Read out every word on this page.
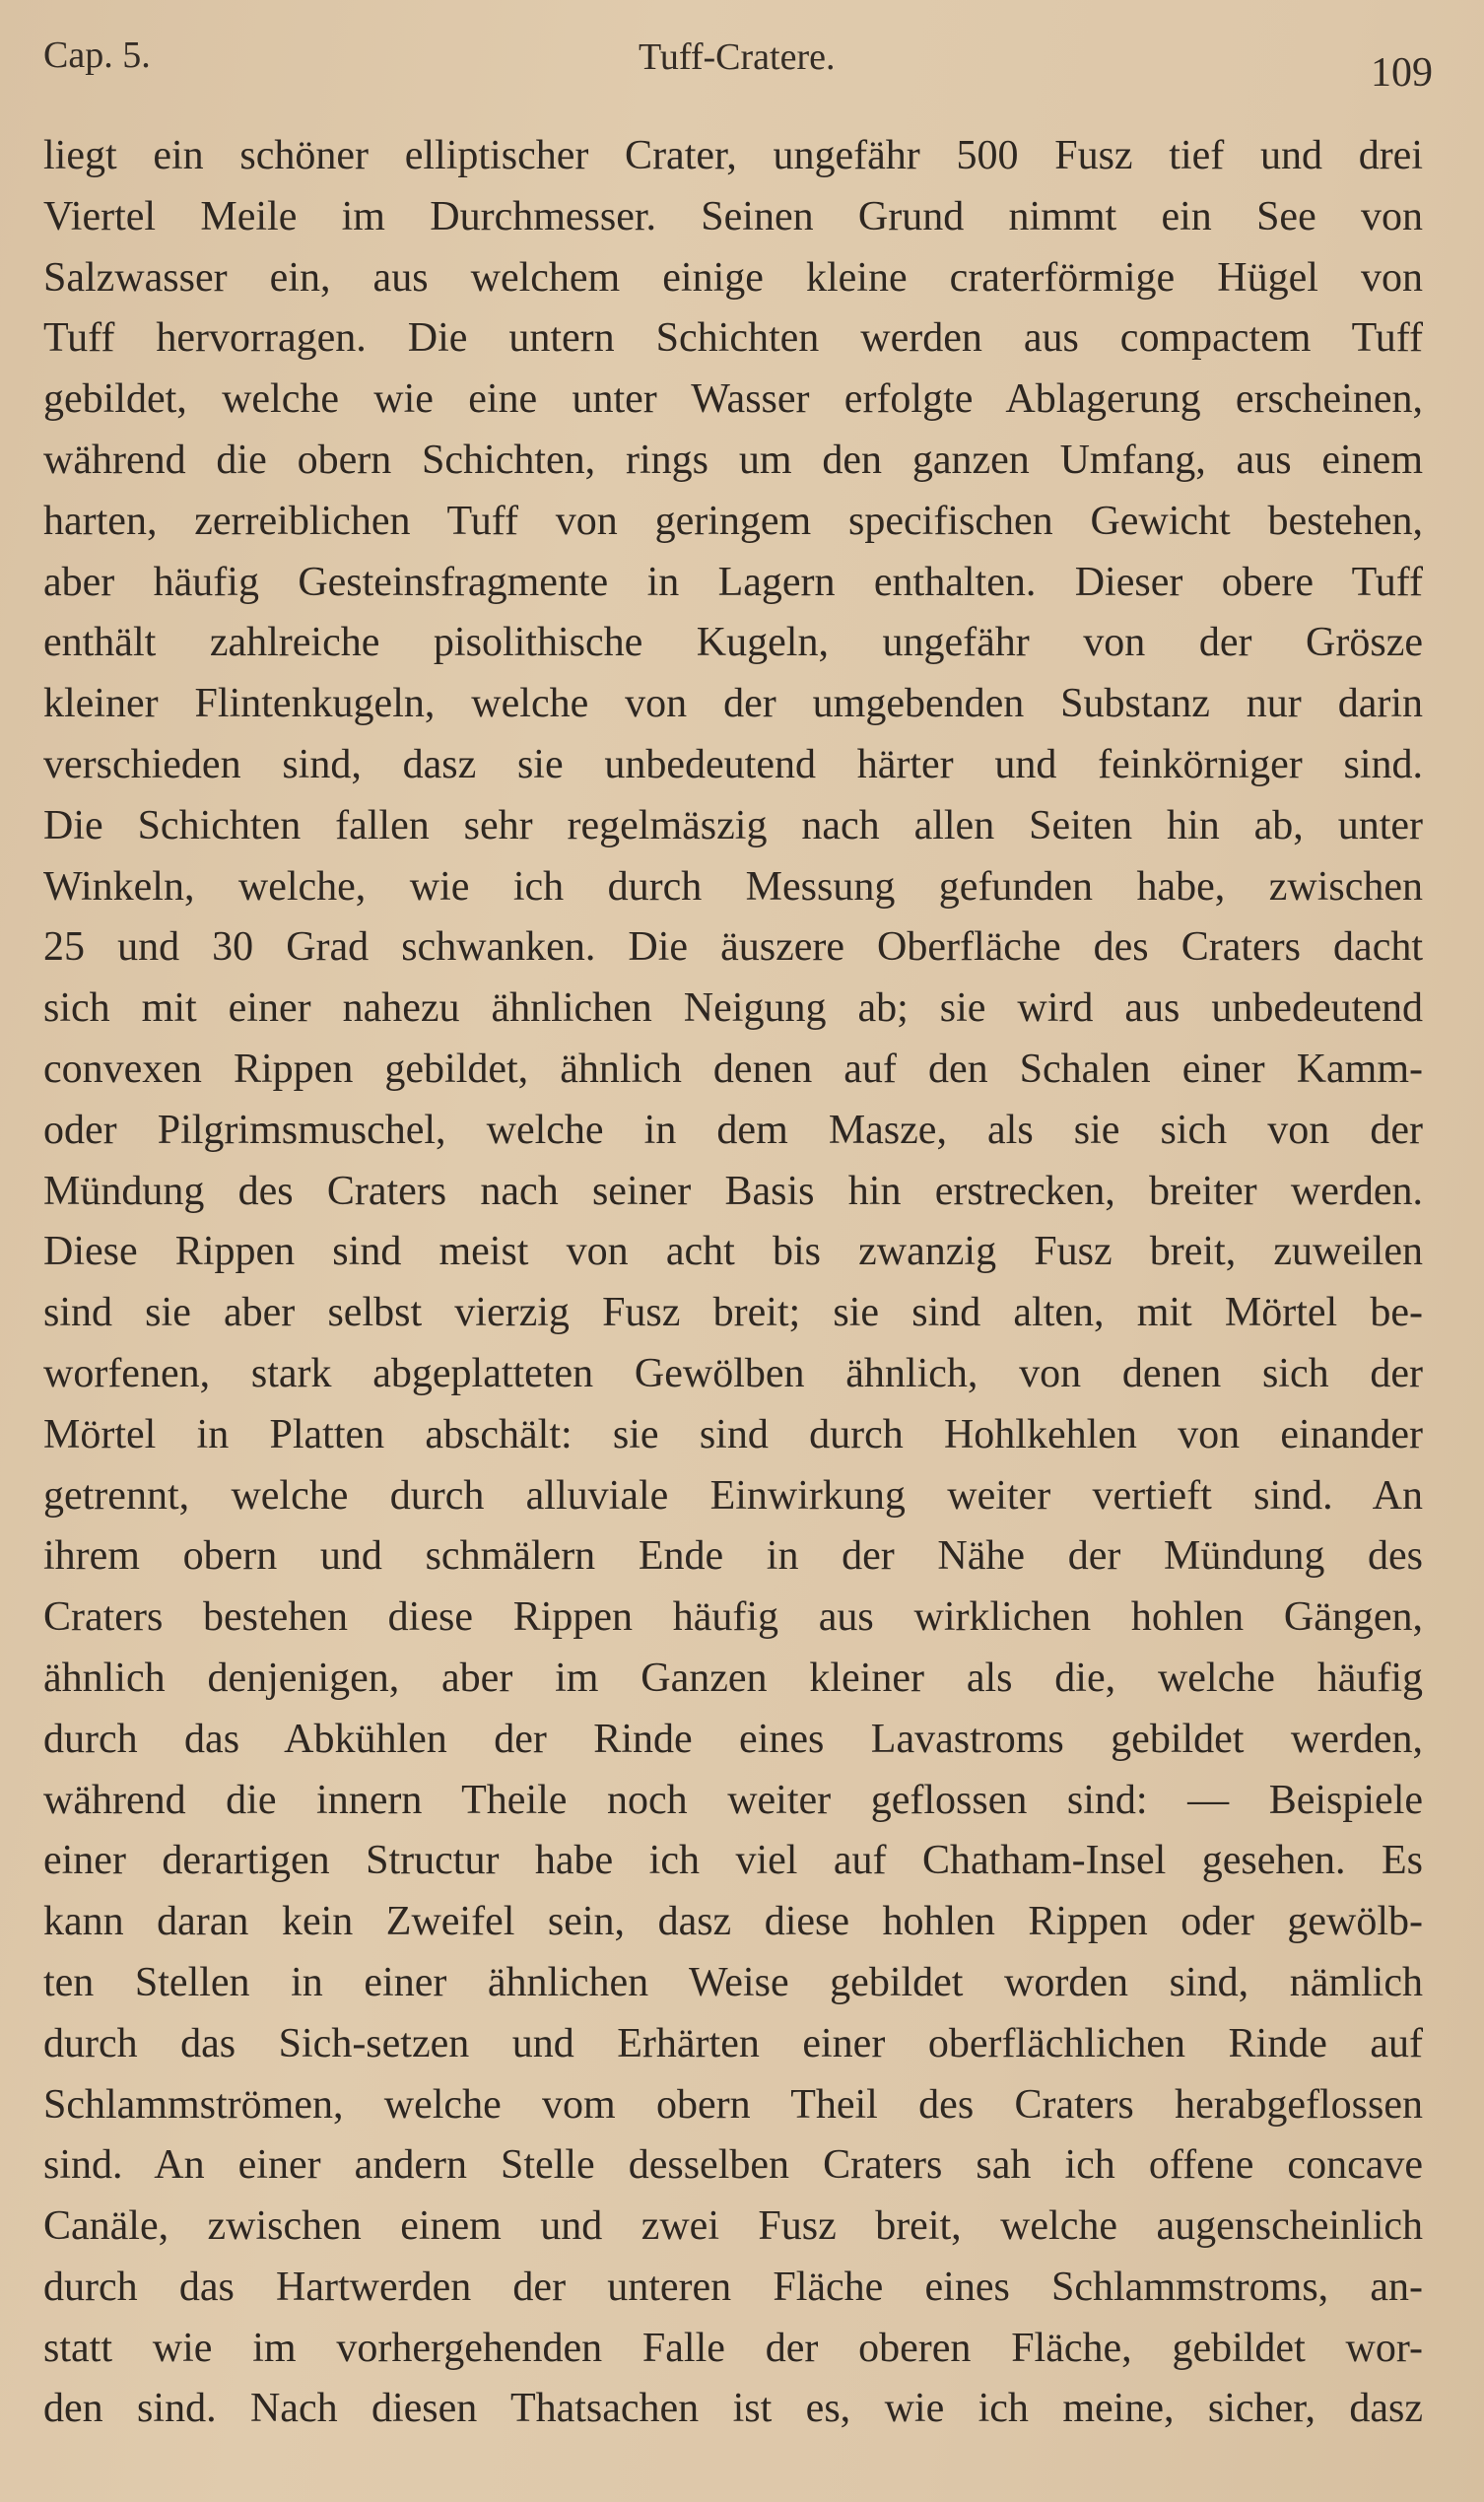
Cap. 5.	Tuff-Cratere.	109
liegt ein schöner elliptischer Crater, ungefähr 500 Fusz tief und drei
Viertel Meile im Durchmesser. Seinen Grund nimmt ein See von
Salzwasser ein, aus welchem einige kleine craterförmige Hügel von
Tuff hervorragen. Die untern Schichten werden aus compactem Tuff
gebildet, welche wie eine unter Wasser erfolgte Ablagerung erscheinen,
während die obern Schichten, rings um den ganzen Umfang, aus einem
harten, zerreiblichen Tuff von geringem specifischen Gewicht bestehen,
aber häufig Gesteinsfragmente in Lagern enthalten. Dieser obere Tuff
enthält zahlreiche pisolithische Kugeln, ungefähr von der Grösze
kleiner Flintenkugeln, welche von der umgebenden Substanz nur darin
verschieden sind, dasz sie unbedeutend härter und feinkörniger sind.
Die Schichten fallen sehr regelmäszig nach allen Seiten hin ab, unter
Winkeln, welche, wie ich durch Messung gefunden habe, zwischen
25 und 30 Grad schwanken. Die äuszere Oberfläche des Craters dacht
sich mit einer nahezu ähnlichen Neigung ab; sie wird aus unbedeutend
convexen Rippen gebildet, ähnlich denen auf den Schalen einer Kamm-
oder Pilgrimsmuschel, welche in dem Masze, als sie sich von der
Mündung des Craters nach seiner Basis hin erstrecken, breiter werden.
Diese Rippen sind meist von acht bis zwanzig Fusz breit, zuweilen
sind sie aber selbst vierzig Fusz breit; sie sind alten, mit Mörtel be-
worfenen, stark abgeplatteten Gewölben ähnlich, von denen sich der
Mörtel in Platten abschält: sie sind durch Hohlkehlen von einander
getrennt, welche durch alluviale Einwirkung weiter vertieft sind. An
ihrem obern und schmälern Ende in der Nähe der Mündung des
Craters bestehen diese Rippen häufig aus wirklichen hohlen Gängen,
ähnlich denjenigen, aber im Ganzen kleiner als die, welche häufig
durch das Abkühlen der Rinde eines Lavastroms gebildet werden,
während die innern Theile noch weiter geflossen sind: — Beispiele
einer derartigen Structur habe ich viel auf Chatham-Insel gesehen. Es
kann daran kein Zweifel sein, dasz diese hohlen Rippen oder gewölb-
ten Stellen in einer ähnlichen Weise gebildet worden sind, nämlich
durch das Sich-setzen und Erhärten einer oberflächlichen Rinde auf
Schlammströmen, welche vom obern Theil des Craters herabgeflossen
sind. An einer andern Stelle desselben Craters sah ich offene concave
Canäle, zwischen einem und zwei Fusz breit, welche augenscheinlich
durch das Hartwerden der unteren Fläche eines Schlammstroms, an-
statt wie im vorhergehenden Falle der oberen Fläche, gebildet wor-
den sind. Nach diesen Thatsachen ist es, wie ich meine, sicher, dasz
